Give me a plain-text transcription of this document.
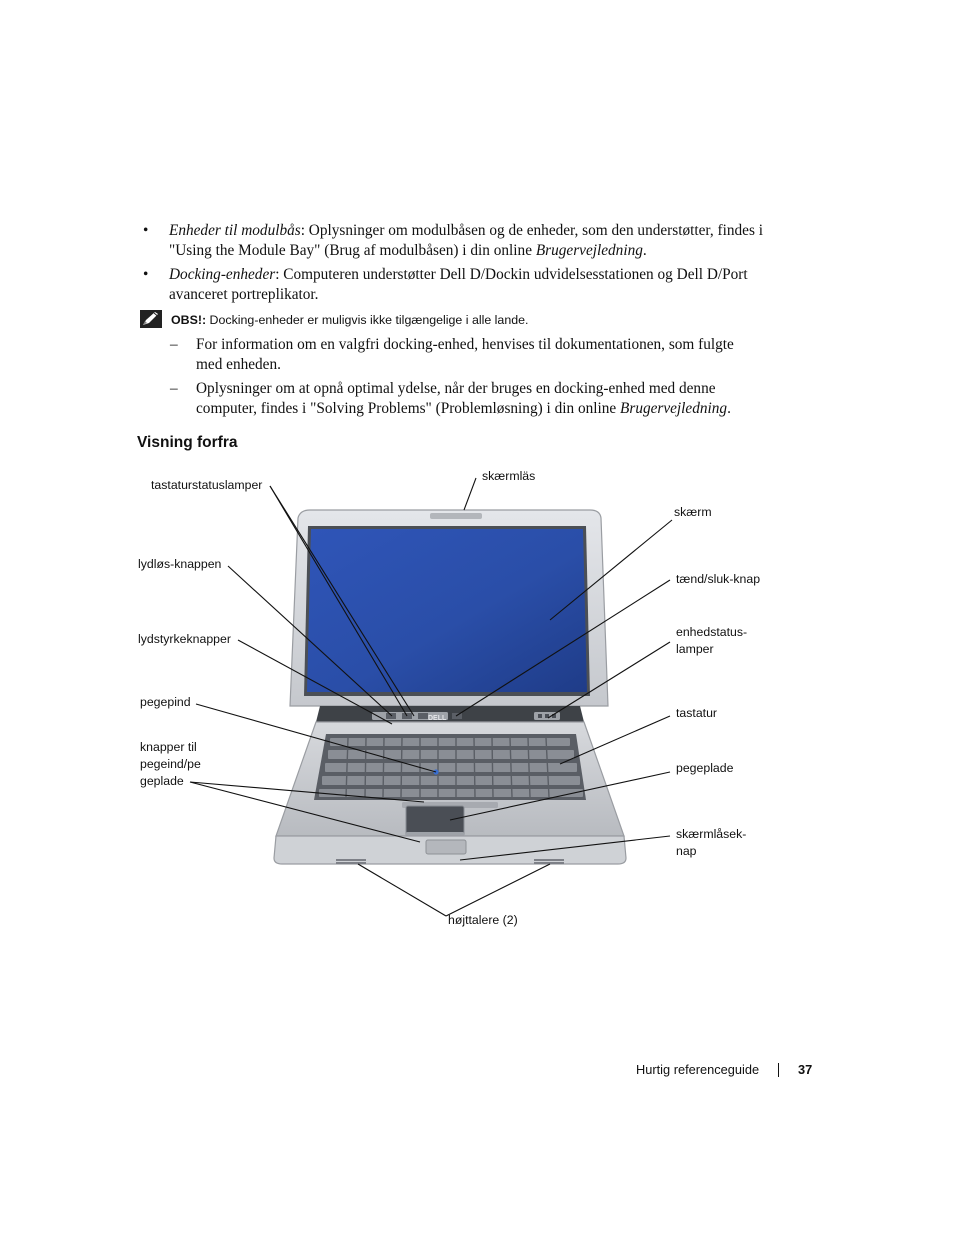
• Enheder til modulbås: Oplysninger om modulbåsen og de enheder, som den understøtter, findes i "Using the Module Bay" (Brug af modulbåsen) i din online Brugervejledning.
• Docking-enheder: Computeren understøtter Dell D/Dockin udvidelsesstationen og Dell D/Port avanceret portreplikator.
OBS!: Docking-enheder er muligvis ikke tilgængelige i alle lande.
– For information om en valgfri docking-enhed, henvises til dokumentationen, som fulgte med enheden.
– Oplysninger om at opnå optimal ydelse, når der bruges en docking-enhed med denne computer, findes i "Solving Problems" (Problemløsning) i din online Brugervejledning.
Visning forfra
DELL
tastaturstatuslamper
skærmläs
skærm
lydløs-knappen
tænd/sluk-knap
lydstyrkeknapper	enhedstatus-
lamper
pegepind
tastatur
knapper til
pegeind/pe
geplade
pegeplade
skærmlåsek-
nap
højttalere (2)
Hurtig referenceguide	37
